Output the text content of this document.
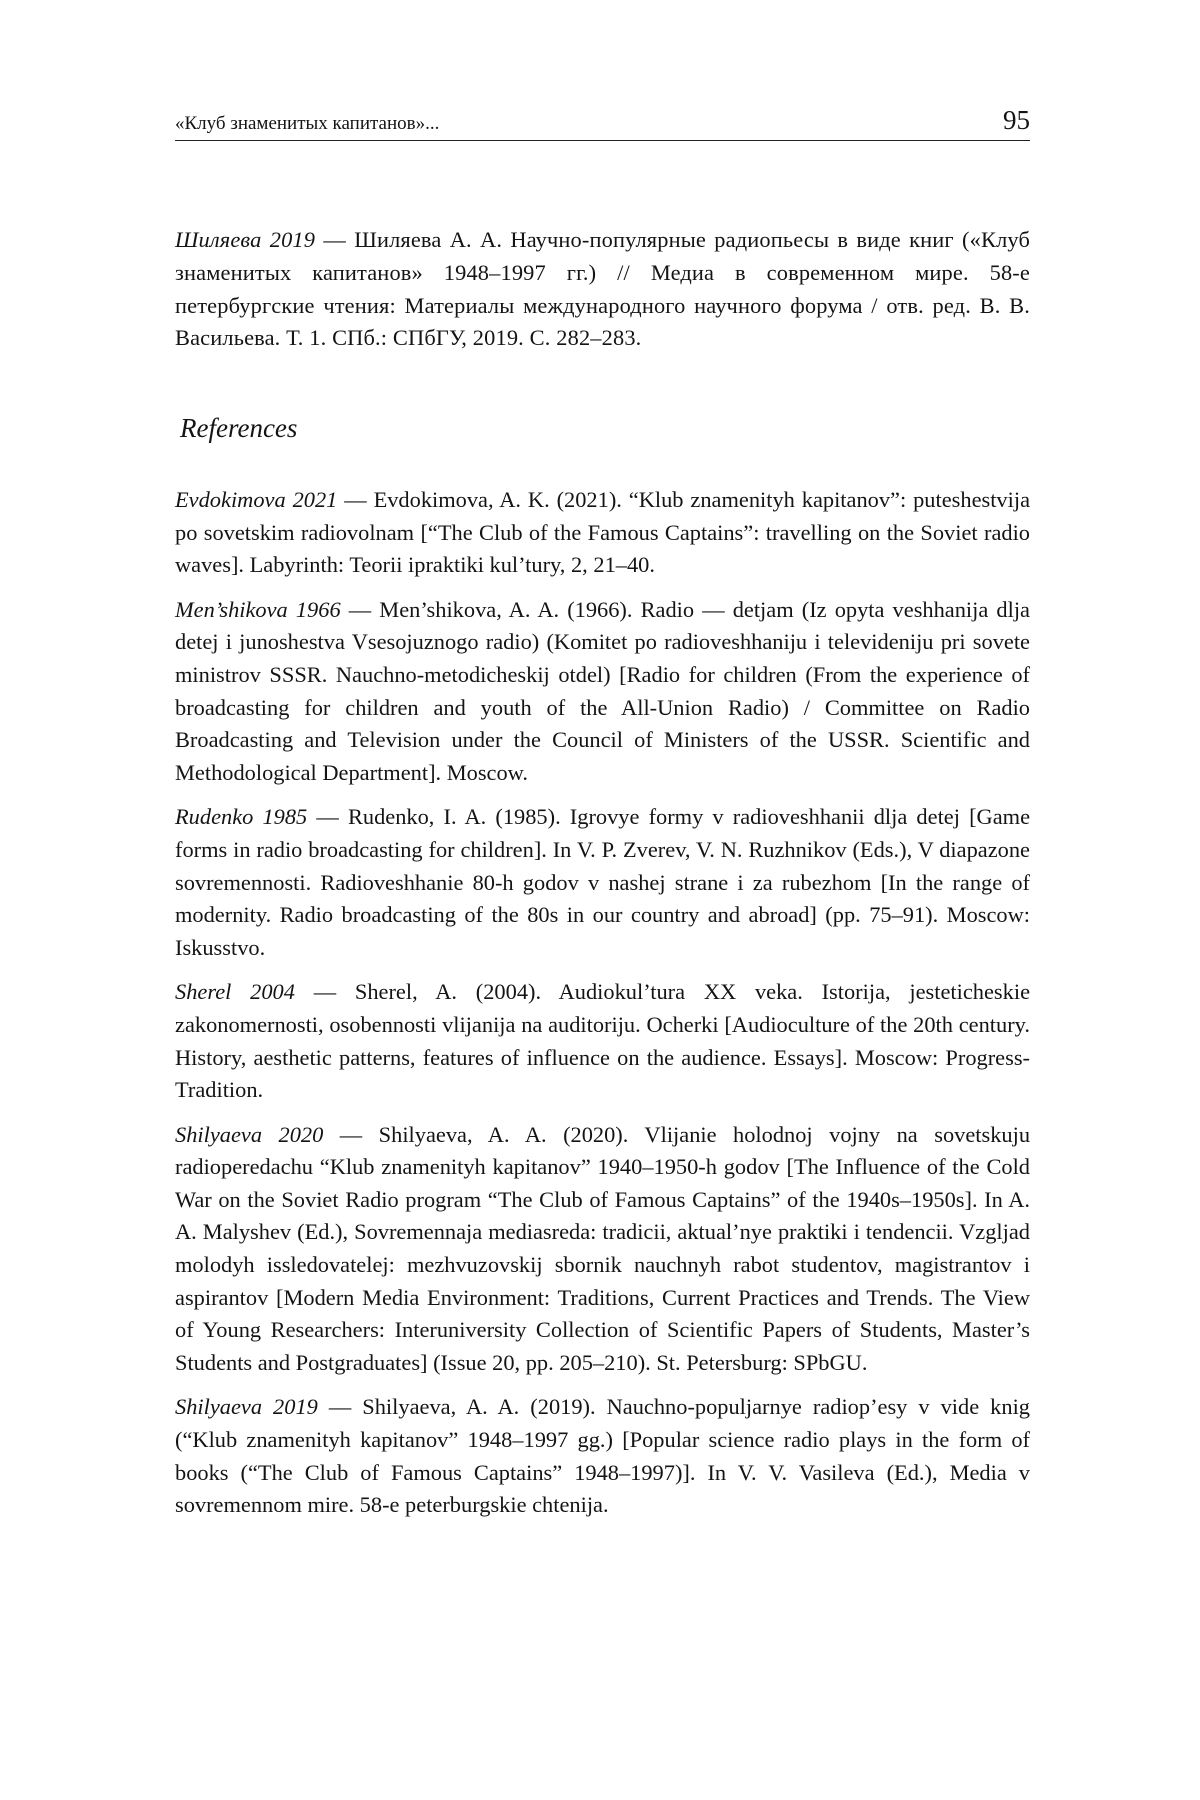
«Клуб знаменитых капитанов»...	95

Шиляева 2019 — Шиляева А. А. Научно-популярные радиопьесы в виде книг («Клуб знаменитых капитанов» 1948–1997 гг.) // Медиа в современном мире. 58-е петербургские чтения: Материалы международного научного форума / отв. ред. В. В. Васильева. Т. 1. СПб.: СПбГУ, 2019. С. 282–283.

References

Evdokimova 2021 — Evdokimova, A. K. (2021). “Klub znamenityh kapitanov”: puteshestvija po sovetskim radiovolnam [“The Club of the Famous Captains”: travelling on the Soviet radio waves]. Labyrinth: Teorii ipraktiki kul’tury, 2, 21–40.

Men’shikova 1966 — Men’shikova, A. A. (1966). Radio — detjam (Iz opyta veshhanija dlja detej i junoshestva Vsesojuznogo radio) (Komitet po radioveshhaniju i televideniju pri sovete ministrov SSSR. Nauchno-metodicheskij otdel) [Radio for children (From the experience of broadcasting for children and youth of the All-Union Radio) / Committee on Radio Broadcasting and Television under the Council of Ministers of the USSR. Scientific and Methodological Department]. Moscow.

Rudenko 1985 — Rudenko, I. A. (1985). Igrovye formy v radioveshhanii dlja detej [Game forms in radio broadcasting for children]. In V. P. Zverev, V. N. Ruzhnikov (Eds.), V diapazone sovremennosti. Radioveshhanie 80-h godov v nashej strane i za rubezhom [In the range of modernity. Radio broadcasting of the 80s in our country and abroad] (pp. 75–91). Moscow: Iskusstvo.

Sherel 2004 — Sherel, A. (2004). Audiokul’tura XX veka. Istorija, jesteticheskie zakonomernosti, osobennosti vlijanija na auditoriju. Ocherki [Audioculture of the 20th century. History, aesthetic patterns, features of influence on the audience. Essays]. Moscow: Progress-Tradition.

Shilyaeva 2020 — Shilyaeva, A. A. (2020). Vlijanie holodnoj vojny na sovetskuju radioperedachu “Klub znamenityh kapitanov” 1940–1950-h godov [The Influence of the Cold War on the Soviet Radio program “The Club of Famous Captains” of the 1940s–1950s]. In A. A. Malyshev (Ed.), Sovremennaja mediasreda: tradicii, aktual’nye praktiki i tendencii. Vzgljad molodyh issledovatelej: mezhvuzovskij sbornik nauchnyh rabot studentov, magistrantov i aspirantov [Modern Media Environment: Traditions, Current Practices and Trends. The View of Young Researchers: Interuniversity Collection of Scientific Papers of Students, Master’s Students and Postgraduates] (Issue 20, pp. 205–210). St. Petersburg: SPbGU.

Shilyaeva 2019 — Shilyaeva, A. A. (2019). Nauchno-populjarnye radiop’esy v vide knig (“Klub znamenityh kapitanov” 1948–1997 gg.) [Popular science radio plays in the form of books (“The Club of Famous Captains” 1948–1997)]. In V. V. Vasileva (Ed.), Media v sovremennom mire. 58-e peterburgskie chtenija.
